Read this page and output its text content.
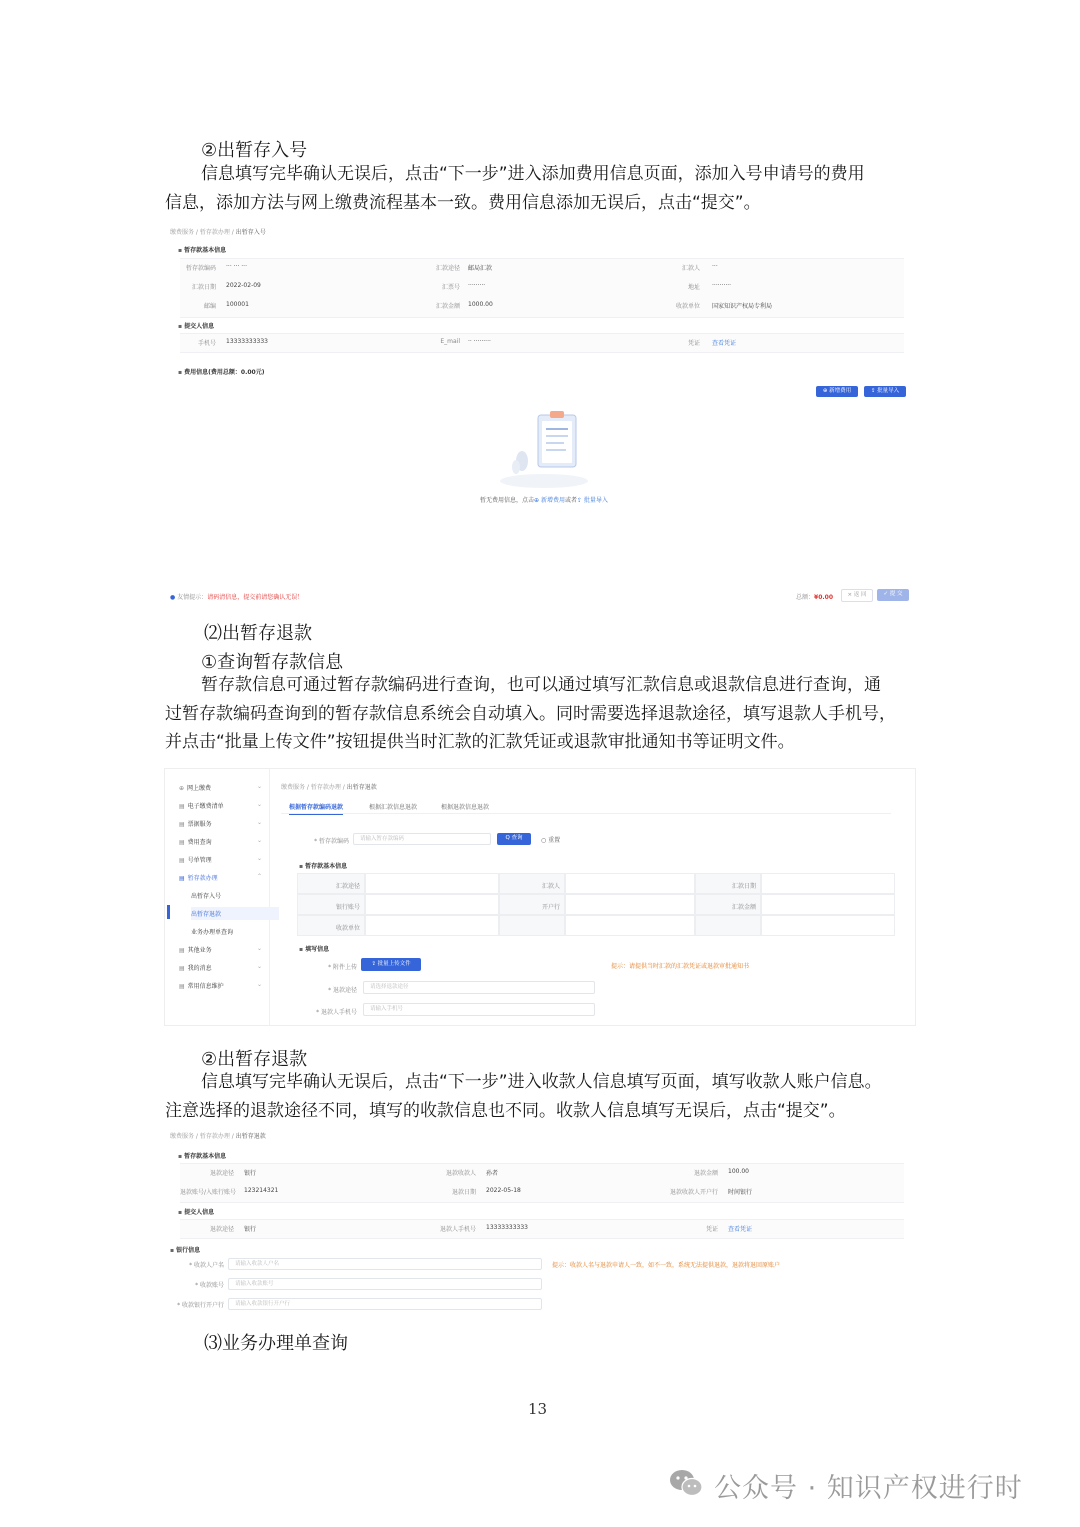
②出暂存入号
信息填写完毕确认无误后，点击“下一步”进入添加费用信息页面，添加入号申请号的费用
信息，添加方法与网上缴费流程基本一致。费用信息添加无误后，点击“提交”。
缴费服务 / 暂存款办理 / 出暂存入号
▪ 暂存款基本信息
▪ 提交人信息
▪ 费用信息(费用总额：0.00元)
⊕ 新增费用	⇪ 批量导入
暂无费用信息，点击⊕ 新增费用或者⇪ 批量导入
● 友情提示：请码清信息，提交前请您确认无误！	总额：¥0.00	× 返 回	✓ 提 交
暂存款编码 ··· ··· ···	汇款途径 邮局汇款	汇款人 ···
汇款日期 2022-02-09	汇票号 ·········	地址 ··········
邮编 100001	汇款金额 1000.00	收款单位 国家知识产权局专利局
手机号 13333333333	E_mail ·· ·········	凭证 查看凭证
⑵出暂存退款
①查询暂存款信息
暂存款信息可通过暂存款编码进行查询，也可以通过填写汇款信息或退款信息进行查询，通
过暂存款编码查询到的暂存款信息系统会自动填入。同时需要选择退款途径，填写退款人手机号，
并点击“批量上传文件”按钮提供当时汇款的汇款凭证或退款审批通知书等证明文件。
缴费服务 / 暂存款办理 / 出暂存退款
根据暂存款编码退款	根据汇款信息退款	根据退款信息退款
* 暂存款编码	请输入暂存款编码	Q 查询	○ 重置
▪ 暂存款基本信息
▪ 填写信息
* 附件上传	⇪ 批量上传文件	提示：请提供当时汇款的汇款凭证或退款审批通知书
* 退款途径	请选择退款途径
* 退款人手机号	请输入手机号
⊕ 网上缴费	⌄
▤ 电子缴费清单	⌄
▤ 票据服务	⌄
▤ 费用查询	⌄
▤ 号单管理	⌄
▤ 暂存款办理	⌃
出暂存入号
出暂存退款
业务办理单查询
▤ 其他业务	⌄
▤ 我的消息	⌄
▤ 常用信息维护	⌄
汇款途径	汇款人	汇款日期
银行账号	开户行	汇款金额
收款单位
②出暂存退款
信息填写完毕确认无误后，点击“下一步”进入收款人信息填写页面，填写收款人账户信息。
注意选择的退款途径不同，填写的收款信息也不同。收款人信息填写无误后，点击“提交”。
缴费服务 / 暂存款办理 / 出暂存退款
▪ 暂存款基本信息
▪ 提交人信息
▪ 银行信息
提示：收款人名与退款申请人一致，如不一致，系统无法提供退款，退款将退回原账户
退款途径 银行	退款收款人 孙者	退款金额 100.00
退款账号/入账行账号 123214321	退款日期 2022-05-18	退款收款人开户行 时间银行
退款途径 银行	退款人手机号 13333333333	凭证 查看凭证
* 收款人户名	请输入收款人户名
* 收款账号	请输入收款账号
* 收款银行开户行	请输入收款银行开户行
⑶业务办理单查询
13
公众号 · 知识产权进行时
